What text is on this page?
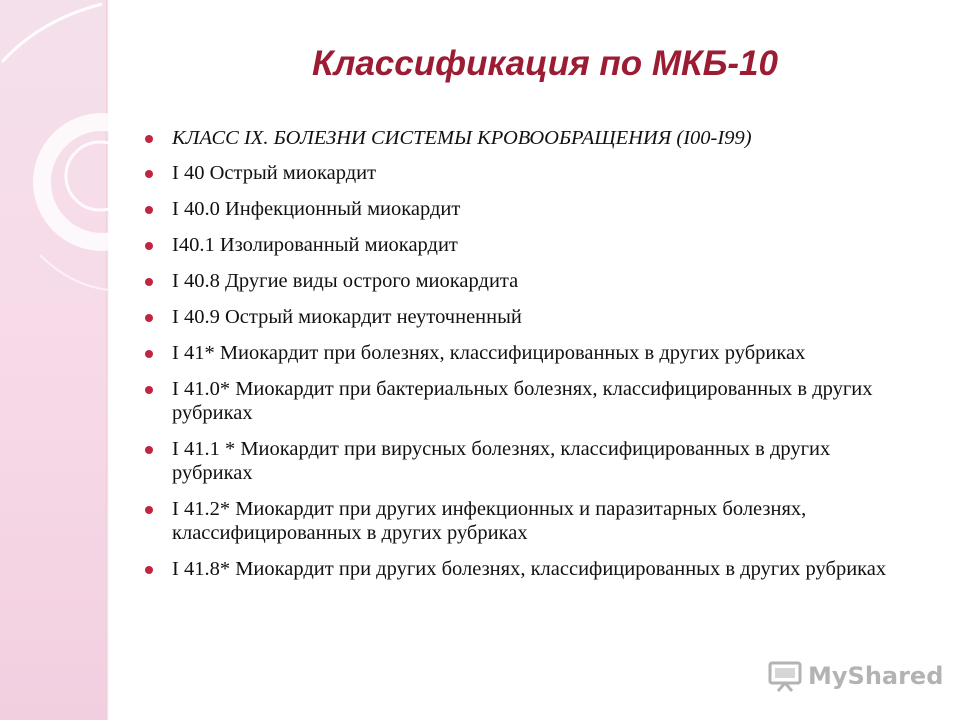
Классификация по МКБ-10
КЛАСС IX. БОЛЕЗНИ СИСТЕМЫ КРОВООБРАЩЕНИЯ (I00-I99)
I 40 Острый миокардит
I 40.0 Инфекционный миокардит
I40.1 Изолированный миокардит
I 40.8 Другие виды острого миокардита
I 40.9 Острый миокардит неуточненный
I 41* Миокардит при болезнях, классифицированных в других рубриках
I 41.0* Миокардит при бактериальных болезнях, классифицированных в других рубриках
I 41.1 * Миокардит при вирусных болезнях, классифицированных в других рубриках
I 41.2* Миокардит при других инфекционных и паразитарных болезнях, классифицированных в других рубриках
I 41.8* Миокардит при других болезнях, классифицированных в других рубриках
My Shared
